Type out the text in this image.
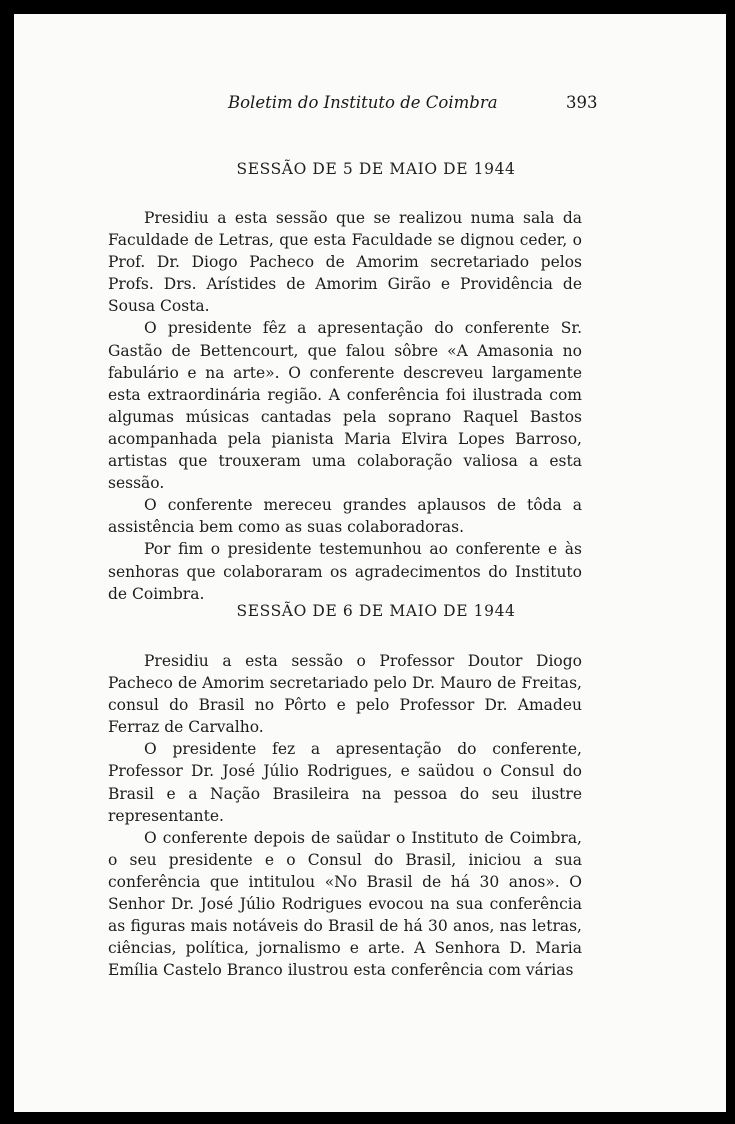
Boletim do Instituto de Coimbra	393
SESSÃO DE 5 DE MAIO DE 1944

Presidiu a esta sessão que se realizou numa sala da Faculdade de Letras, que esta Faculdade se dignou ceder, o Prof. Dr. Diogo Pacheco de Amorim secretariado pelos Profs. Drs. Arístides de Amorim Girão e Providência de Sousa Costa.

O presidente fêz a apresentação do conferente Sr. Gastão de Bettencourt, que falou sôbre «A Amasonia no fabulário e na arte». O conferente descreveu largamente esta extraordinária região. A conferência foi ilustrada com algumas músicas cantadas pela soprano Raquel Bastos acompanhada pela pianista Maria Elvira Lopes Barroso, artistas que trouxeram uma colaboração valiosa a esta sessão.

O conferente mereceu grandes aplausos de tôda a assistência bem como as suas colaboradoras.

Por fim o presidente testemunhou ao conferente e às senhoras que colaboraram os agradecimentos do Instituto de Coimbra.

SESSÃO DE 6 DE MAIO DE 1944

Presidiu a esta sessão o Professor Doutor Diogo Pacheco de Amorim secretariado pelo Dr. Mauro de Freitas, consul do Brasil no Pôrto e pelo Professor Dr. Amadeu Ferraz de Carvalho.

O presidente fez a apresentação do conferente, Professor Dr. José Júlio Rodrigues, e saüdou o Consul do Brasil e a Nação Brasileira na pessoa do seu ilustre representante.

O conferente depois de saüdar o Instituto de Coimbra, o seu presidente e o Consul do Brasil, iniciou a sua conferência que intitulou «No Brasil de há 30 anos». O Senhor Dr. José Júlio Rodrigues evocou na sua conferência as figuras mais notáveis do Brasil de há 30 anos, nas letras, ciências, política, jornalismo e arte. A Senhora D. Maria Emília Castelo Branco ilustrou esta conferência com várias
